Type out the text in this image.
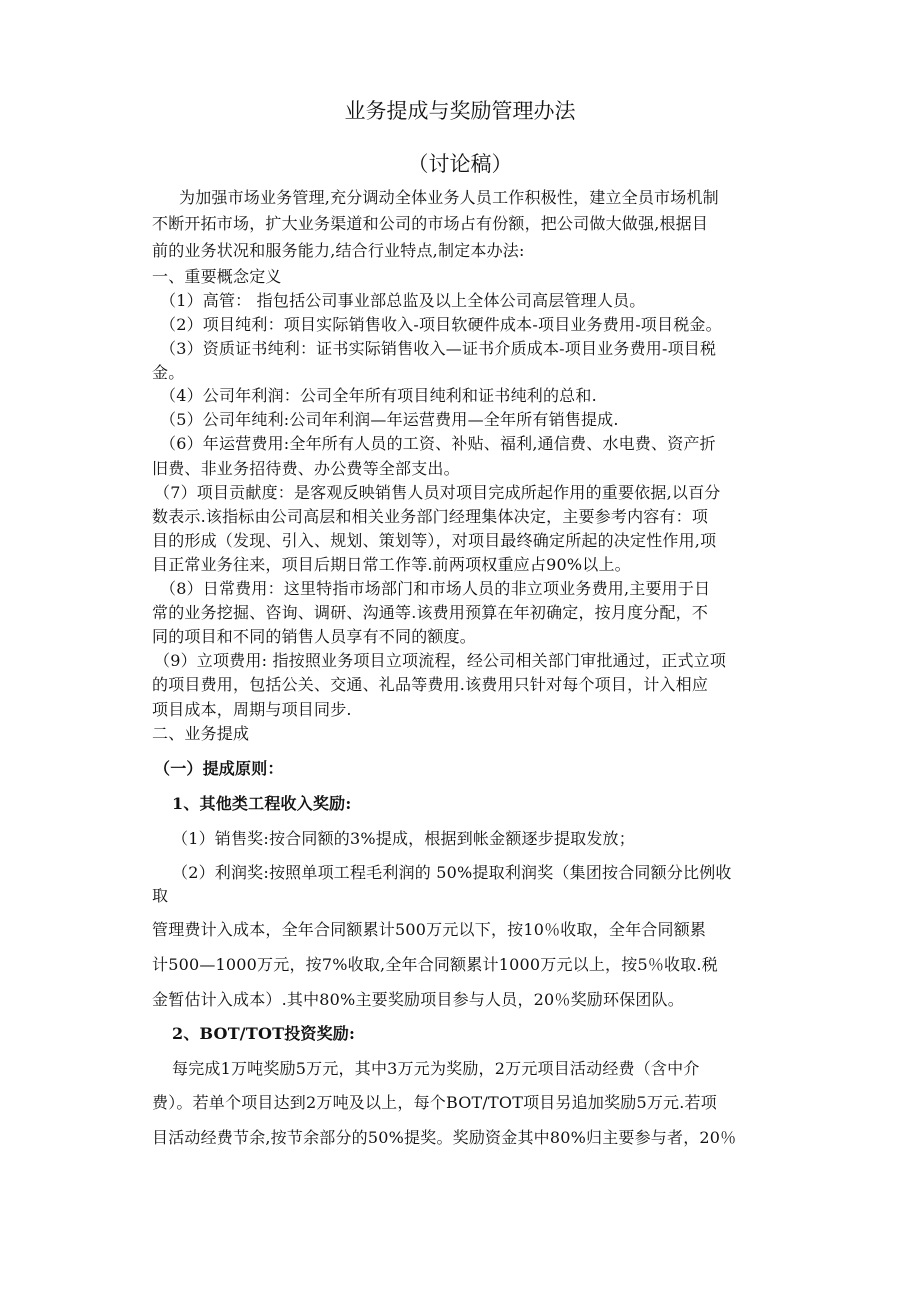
业务提成与奖励管理办法
（讨论稿）
为加强市场业务管理,充分调动全体业务人员工作积极性，建立全员市场机制
不断开拓市场，扩大业务渠道和公司的市场占有份额，把公司做大做强,根据目
前的业务状况和服务能力,结合行业特点,制定本办法:
一、重要概念定义
（1）高管： 指包括公司事业部总监及以上全体公司高层管理人员。
（2）项目纯利：项目实际销售收入-项目软硬件成本-项目业务费用-项目税金。
（3）资质证书纯利：证书实际销售收入—证书介质成本-项目业务费用-项目税
金。
（4）公司年利润：公司全年所有项目纯利和证书纯利的总和.
（5）公司年纯利:公司年利润—年运营费用—全年所有销售提成.
（6）年运营费用:全年所有人员的工资、补贴、福利,通信费、水电费、资产折
旧费、非业务招待费、办公费等全部支出。
（7）项目贡献度：是客观反映销售人员对项目完成所起作用的重要依据,以百分
数表示.该指标由公司高层和相关业务部门经理集体决定，主要参考内容有：项
目的形成（发现、引入、规划、策划等），对项目最终确定所起的决定性作用,项
目正常业务往来，项目后期日常工作等.前两项权重应占90%以上。
（8）日常费用：这里特指市场部门和市场人员的非立项业务费用,主要用于日
常的业务挖掘、咨询、调研、沟通等.该费用预算在年初确定，按月度分配，不
同的项目和不同的销售人员享有不同的额度。
（9）立项费用: 指按照业务项目立项流程，经公司相关部门审批通过，正式立项
的项目费用，包括公关、交通、礼品等费用.该费用只针对每个项目，计入相应
项目成本，周期与项目同步.
二、业务提成
（一）提成原则：
1、其他类工程收入奖励:
（1）销售奖:按合同额的3%提成，根据到帐金额逐步提取发放；
（2）利润奖:按照单项工程毛利润的 50%提取利润奖（集团按合同额分比例收
取
管理费计入成本，全年合同额累计500万元以下，按10％收取，全年合同额累
计500—1000万元，按7%收取,全年合同额累计1000万元以上，按5％收取.税
金暂估计入成本）.其中80%主要奖励项目参与人员，20％奖励环保团队。
2、BOT/TOT投资奖励:
每完成1万吨奖励5万元，其中3万元为奖励，2万元项目活动经费（含中介
费）。若单个项目达到2万吨及以上，每个BOT/TOT项目另追加奖励5万元.若项
目活动经费节余,按节余部分的50%提奖。奖励资金其中80%归主要参与者，20％
